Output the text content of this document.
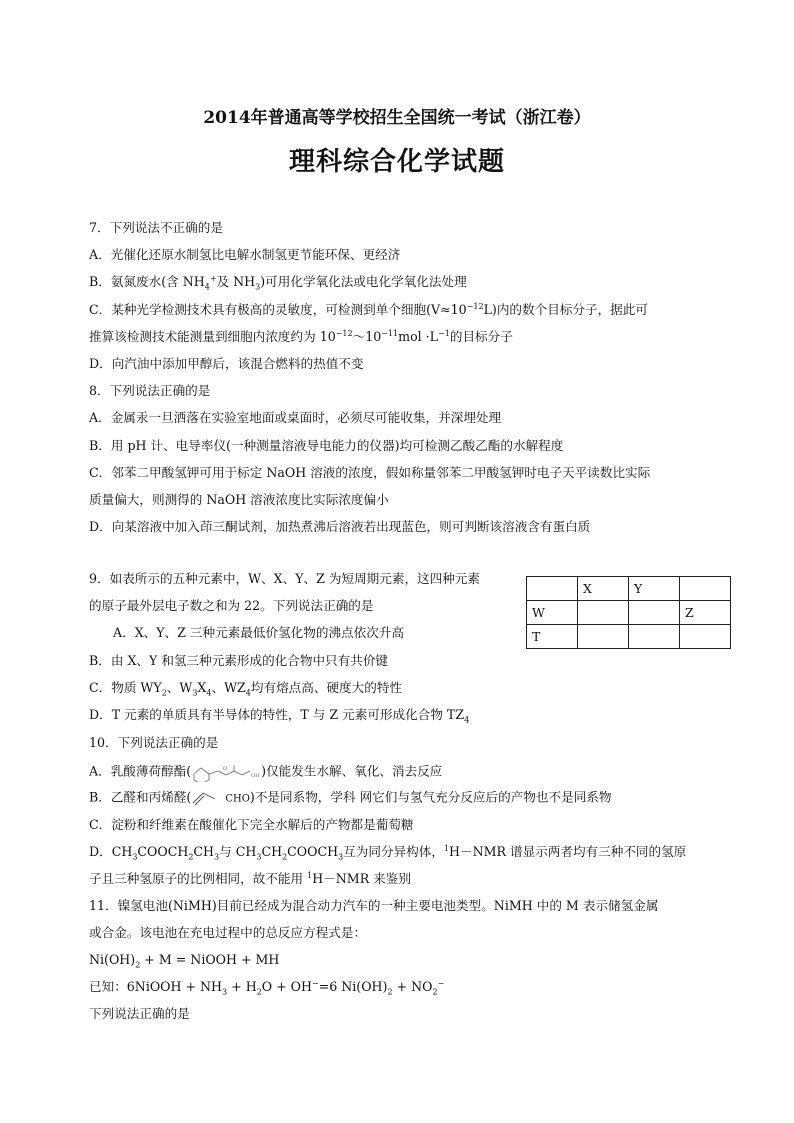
2014年普通高等学校招生全国统一考试（浙江卷）
理科综合化学试题
7．下列说法不正确的是
A．光催化还原水制氢比电解水制氢更节能环保、更经济
B．氨氮废水(含 $NH_4^+$及 $NH_3$)可用化学氧化法或电化学氧化法处理
C．某种光学检测技术具有极高的灵敏度，可检测到单个细胞$(V\approx 10^{-12}L)$内的数个目标分子，据此可
推算该检测技术能测量到细胞内浓度约为 $10^{-12}\sim 10^{-11}mol \cdot L^{-1}$的目标分子
D．向汽油中添加甲醇后，该混合燃料的热值不变
8．下列说法正确的是
A．金属汞一旦洒落在实验室地面或桌面时，必须尽可能收集，并深埋处理
B．用 pH 计、电导率仪(一种测量溶液导电能力的仪器)均可检测乙酸乙酯的水解程度
C．邻苯二甲酸氢钾可用于标定 NaOH 溶液的浓度，假如称量邻苯二甲酸氢钾时电子天平读数比实际
质量偏大，则测得的 NaOH 溶液浓度比实际浓度偏小
D．向某溶液中加入茚三酮试剂，加热煮沸后溶液若出现蓝色，则可判断该溶液含有蛋白质
9．如表所示的五种元素中，W、X、Y、Z 为短周期元素，这四种元素
的原子最外层电子数之和为 22。下列说法正确的是
A．X、Y、Z 三种元素最低价氢化物的沸点依次升高
B．由 X、Y 和氢三种元素形成的化合物中只有共价键
C．物质 $WY_2$、$W_3X_4$、$WZ_4$均有熔点高、硬度大的特性
D．T 元素的单质具有半导体的特性，T 与 Z 元素可形成化合物 $TZ_4$
	X	Y	
W			Z
T			
10．下列说法正确的是
A．乳酸薄荷醇酯(	OH
O	)仅能发生水解、氧化、消去反应
B．乙醛和丙烯醛(	CHO)不是同系物，学科 网它们与氢气充分反应后的产物也不是同系物
C．淀粉和纤维素在酸催化下完全水解后的产物都是葡萄糖
D．$CH_3COOCH_2CH_3$与 $CH_3CH_2COOCH_3$互为同分异构体，$^1$H－NMR 谱显示两者均有三种不同的氢原
子且三种氢原子的比例相同，故不能用 $^1$H－NMR 来鉴别
11．镍氢电池(NiMH)目前已经成为混合动力汽车的一种主要电池类型。NiMH 中的 M 表示储氢金属
或合金。该电池在充电过程中的总反应方程式是：
$Ni(OH)_2 + M$ = NiOOH + MH
已知：6NiOOH + $NH_3 + H_2O + OH^-=6$ $Ni(OH)_2 + NO_2^-$
下列说法正确的是
